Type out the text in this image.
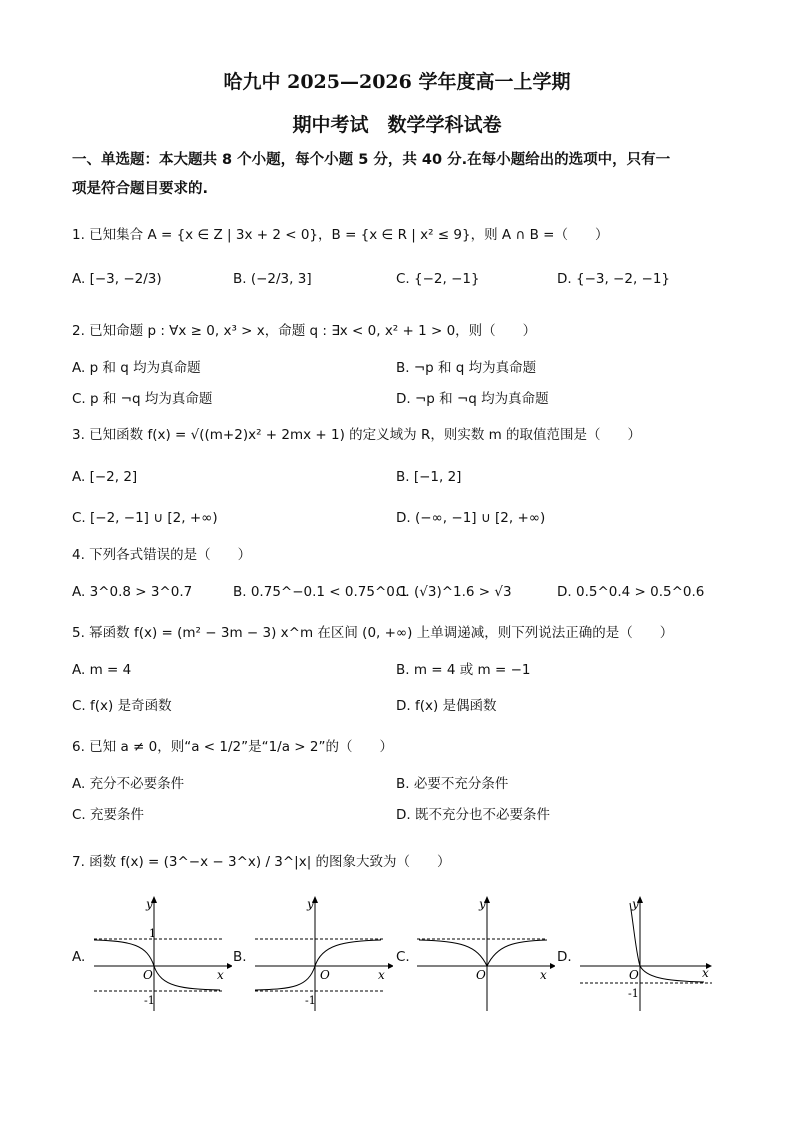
哈九中 2025—2026 学年度高一上学期
期中考试　数学学科试卷
一、单选题：本大题共 8 个小题，每个小题 5 分，共 40 分.在每小题给出的选项中，只有一
项是符合题目要求的.
1. 已知集合 A = {x ∈ Z | 3x + 2 < 0}，B = {x ∈ R | x² ≤ 9}，则 A ∩ B =（　　）
A. [−3, −2/3)	B. (−2/3, 3]	C. {−2, −1}	D. {−3, −2, −1}
2. 已知命题 p : ∀x ≥ 0, x³ > x，命题 q : ∃x < 0, x² + 1 > 0，则（　　）
A. p 和 q 均为真命题	B. ¬p 和 q 均为真命题
C. p 和 ¬q 均为真命题	D. ¬p 和 ¬q 均为真命题
3. 已知函数 f(x) = √((m+2)x² + 2mx + 1) 的定义域为 R，则实数 m 的取值范围是（　　）
A. [−2, 2]	B. [−1, 2]
C. [−2, −1] ∪ [2, +∞)	D. (−∞, −1] ∪ [2, +∞)
4. 下列各式错误的是（　　）
A. 3^0.8 > 3^0.7	B. 0.75^−0.1 < 0.75^0.1
C. (√3)^1.6 > √3	D. 0.5^0.4 > 0.5^0.6
5. 幂函数 f(x) = (m² − 3m − 3) x^m 在区间 (0, +∞) 上单调递减，则下列说法正确的是（　　）
A. m = 4	B. m = 4 或 m = −1
C. f(x) 是奇函数	D. f(x) 是偶函数
6. 已知 a ≠ 0，则“a < 1/2”是“1/a > 2”的（　　）
A. 充分不必要条件	B. 必要不充分条件
C. 充要条件	D. 既不充分也不必要条件
7. 函数 f(x) = (3^−x − 3^x) / 3^|x| 的图象大致为（　　）
A.	B.	C.	D.
y
x
O
1
-1
y
x
O
-1
y
x
O
y
x
O
-1
